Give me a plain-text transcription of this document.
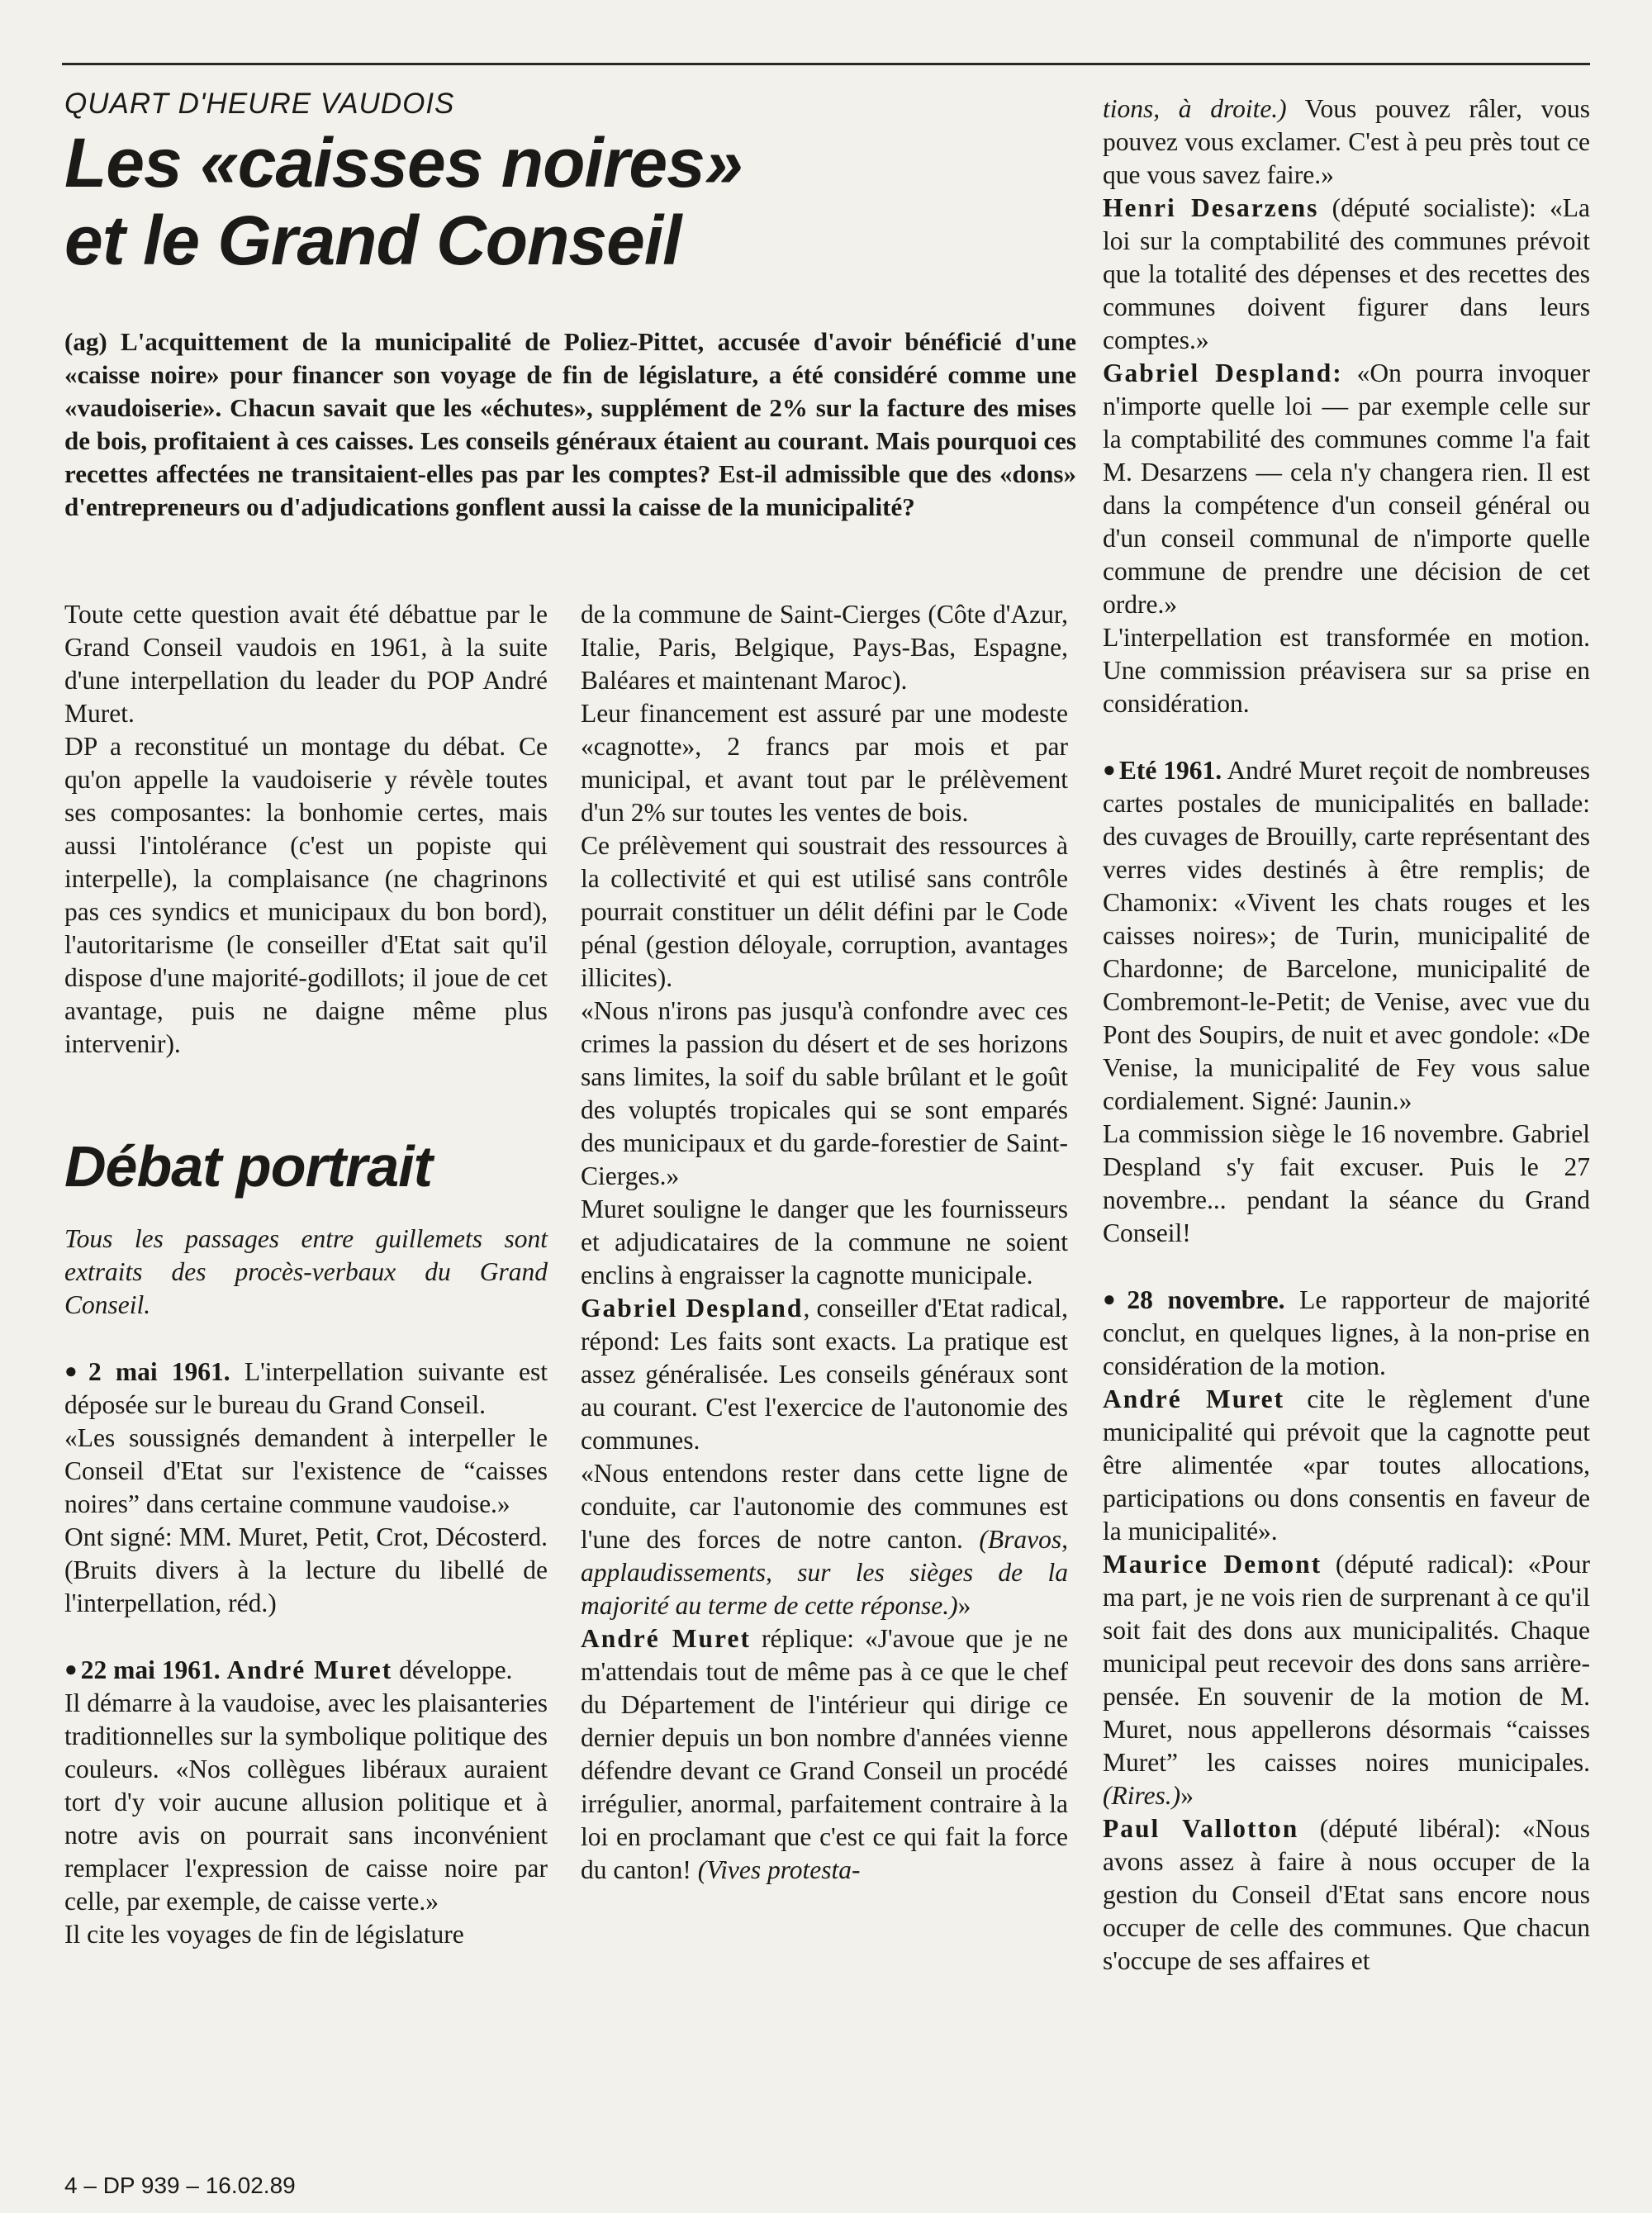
QUART D'HEURE VAUDOIS
Les «caisses noires»
et le Grand Conseil

(ag) L'acquittement de la municipalité de Poliez-Pittet, accusée d'avoir bénéficié d'une «caisse noire» pour financer son voyage de fin de législature, a été considéré comme une «vaudoiserie». Chacun savait que les «échutes», supplément de 2% sur la facture des mises de bois, profitaient à ces caisses. Les conseils généraux étaient au courant. Mais pourquoi ces recettes affectées ne transitaient-elles pas par les comptes? Est-il admissible que des «dons» d'entrepreneurs ou d'adjudications gonflent aussi la caisse de la municipalité?

Toute cette question avait été débattue par le Grand Conseil vaudois en 1961, à la suite d'une interpellation du leader du POP André Muret.

DP a reconstitué un montage du débat. Ce qu'on appelle la vaudoiserie y révèle toutes ses composantes: la bonhomie certes, mais aussi l'intolérance (c'est un popiste qui interpelle), la complaisance (ne chagrinons pas ces syndics et municipaux du bon bord), l'autoritarisme (le conseiller d'Etat sait qu'il dispose d'une majorité-godillots; il joue de cet avantage, puis ne daigne même plus intervenir).

Débat portrait

Tous les passages entre guillemets sont extraits des procès-verbaux du Grand Conseil.

● 2 mai 1961. L'interpellation suivante est déposée sur le bureau du Grand Conseil.

«Les soussignés demandent à interpeller le Conseil d'Etat sur l'existence de “caisses noires” dans certaine commune vaudoise.»

Ont signé: MM. Muret, Petit, Crot, Décosterd. (Bruits divers à la lecture du libellé de l'interpellation, réd.)

● 22 mai 1961. André Muret développe.

Il démarre à la vaudoise, avec les plaisanteries traditionnelles sur la symbolique politique des couleurs. «Nos collègues libéraux auraient tort d'y voir aucune allusion politique et à notre avis on pourrait sans inconvénient remplacer l'expression de caisse noire par celle, par exemple, de caisse verte.»

Il cite les voyages de fin de législature

de la commune de Saint-Cierges (Côte d'Azur, Italie, Paris, Belgique, Pays-Bas, Espagne, Baléares et maintenant Maroc).

Leur financement est assuré par une modeste «cagnotte», 2 francs par mois et par municipal, et avant tout par le prélèvement d'un 2% sur toutes les ventes de bois.

Ce prélèvement qui soustrait des ressources à la collectivité et qui est utilisé sans contrôle pourrait constituer un délit défini par le Code pénal (gestion déloyale, corruption, avantages illicites).

«Nous n'irons pas jusqu'à confondre avec ces crimes la passion du désert et de ses horizons sans limites, la soif du sable brûlant et le goût des voluptés tropicales qui se sont emparés des municipaux et du garde-forestier de Saint-Cierges.»

Muret souligne le danger que les fournisseurs et adjudicataires de la commune ne soient enclins à engraisser la cagnotte municipale.

Gabriel Despland, conseiller d'Etat radical, répond: Les faits sont exacts. La pratique est assez généralisée. Les conseils généraux sont au courant. C'est l'exercice de l'autonomie des communes.

«Nous entendons rester dans cette ligne de conduite, car l'autonomie des communes est l'une des forces de notre canton. (Bravos, applaudissements, sur les sièges de la majorité au terme de cette réponse.)»

André Muret réplique: «J'avoue que je ne m'attendais tout de même pas à ce que le chef du Département de l'intérieur qui dirige ce dernier depuis un bon nombre d'années vienne défendre devant ce Grand Conseil un procédé irrégulier, anormal, parfaitement contraire à la loi en proclamant que c'est ce qui fait la force du canton! (Vives protesta-

tions, à droite.) Vous pouvez râler, vous pouvez vous exclamer. C'est à peu près tout ce que vous savez faire.»

Henri Desarzens (député socialiste): «La loi sur la comptabilité des communes prévoit que la totalité des dépenses et des recettes des communes doivent figurer dans leurs comptes.»

Gabriel Despland: «On pourra invoquer n'importe quelle loi — par exemple celle sur la comptabilité des communes comme l'a fait M. Desarzens — cela n'y changera rien. Il est dans la compétence d'un conseil général ou d'un conseil communal de n'importe quelle commune de prendre une décision de cet ordre.»

L'interpellation est transformée en motion. Une commission préavisera sur sa prise en considération.

● Eté 1961. André Muret reçoit de nombreuses cartes postales de municipalités en ballade: des cuvages de Brouilly, carte représentant des verres vides destinés à être remplis; de Chamonix: «Vivent les chats rouges et les caisses noires»; de Turin, municipalité de Chardonne; de Barcelone, municipalité de Combremont-le-Petit; de Venise, avec vue du Pont des Soupirs, de nuit et avec gondole: «De Venise, la municipalité de Fey vous salue cordialement. Signé: Jaunin.»

La commission siège le 16 novembre. Gabriel Despland s'y fait excuser. Puis le 27 novembre... pendant la séance du Grand Conseil!

● 28 novembre. Le rapporteur de majorité conclut, en quelques lignes, à la non-prise en considération de la motion.

André Muret cite le règlement d'une municipalité qui prévoit que la cagnotte peut être alimentée «par toutes allocations, participations ou dons consentis en faveur de la municipalité».

Maurice Demont (député radical): «Pour ma part, je ne vois rien de surprenant à ce qu'il soit fait des dons aux municipalités. Chaque municipal peut recevoir des dons sans arrière-pensée. En souvenir de la motion de M. Muret, nous appellerons désormais “caisses Muret” les caisses noires municipales. (Rires.)»

Paul Vallotton (député libéral): «Nous avons assez à faire à nous occuper de la gestion du Conseil d'Etat sans encore nous occuper de celle des communes. Que chacun s'occupe de ses affaires et

4 – DP 939 – 16.02.89
